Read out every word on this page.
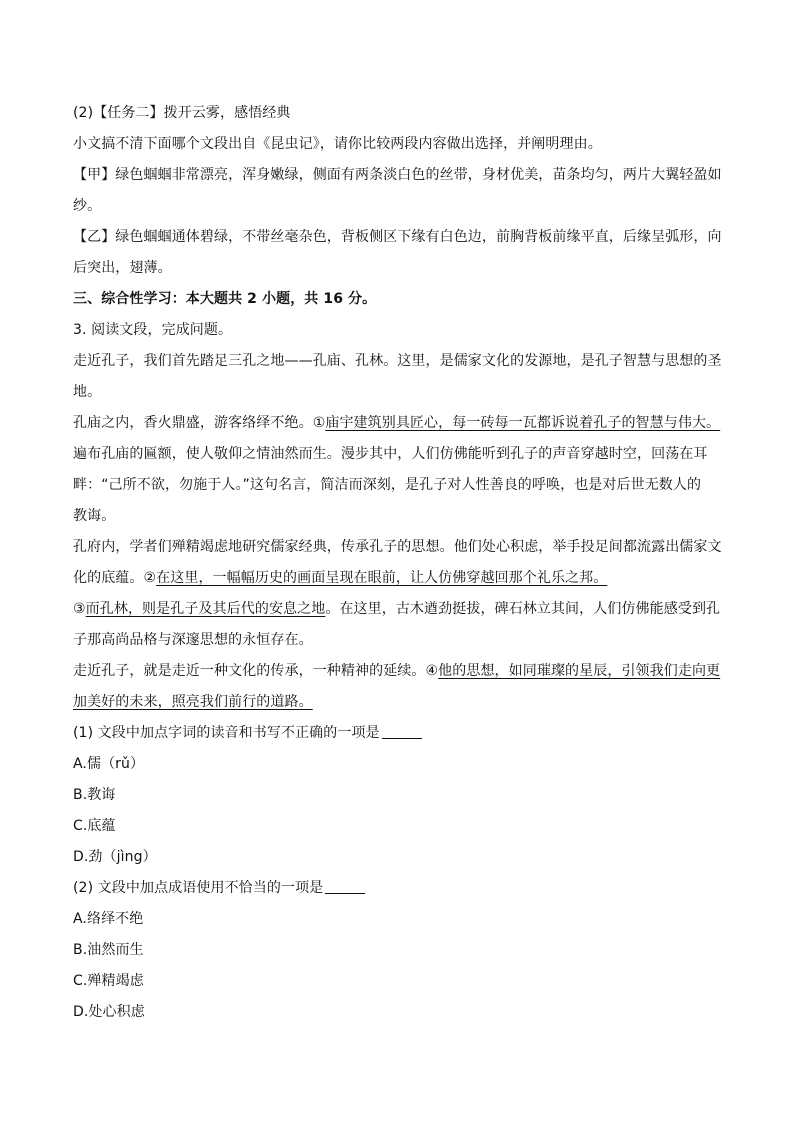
(2)【任务二】拨开云雾，感悟经典

小文搞不清下面哪个文段出自《昆虫记》，请你比较两段内容做出选择，并阐明理由。

【甲】绿色蝈蝈非常漂亮，浑身嫩绿，侧面有两条淡白色的丝带，身材优美，苗条均匀，两片大翼轻盈如

纱。

【乙】绿色蝈蝈通体碧绿，不带丝毫杂色，背板侧区下缘有白色边，前胸背板前缘平直，后缘呈弧形，向

后突出，翅薄。

三、综合性学习：本大题共 2 小题，共 16 分。

3. 阅读文段，完成问题。

走近孔子，我们首先踏足三孔之地——孔庙、孔林。这里，是儒家文化的发源地，是孔子智慧与思想的圣

地。

孔庙之内，香火鼎盛，游客络绎不绝。①庙宇建筑别具匠心，每一砖每一瓦都诉说着孔子的智慧与伟大。

遍布孔庙的匾额，使人敬仰之情油然而生。漫步其中，人们仿佛能听到孔子的声音穿越时空，回荡在耳

畔：“己所不欲，勿施于人。”这句名言，简洁而深刻，是孔子对人性善良的呼唤，也是对后世无数人的

教诲。

孔府内，学者们殚精竭虑地研究儒家经典，传承孔子的思想。他们处心积虑，举手投足间都流露出儒家文

化的底蕴。②在这里，一幅幅历史的画面呈现在眼前，让人仿佛穿越回那个礼乐之邦。

③而孔林，则是孔子及其后代的安息之地。在这里，古木遒劲挺拔，碑石林立其间，人们仿佛能感受到孔

子那高尚品格与深邃思想的永恒存在。

走近孔子，就是走近一种文化的传承，一种精神的延续。④他的思想，如同璀璨的星辰，引领我们走向更

加美好的未来，照亮我们前行的道路。

(1) 文段中加点字词的读音和书写不正确的一项是

A.儒（rǔ）

B.教诲

C.底蕴

D.劲（jìng）

(2) 文段中加点成语使用不恰当的一项是

A.络绎不绝

B.油然而生

C.殚精竭虑

D.处心积虑
